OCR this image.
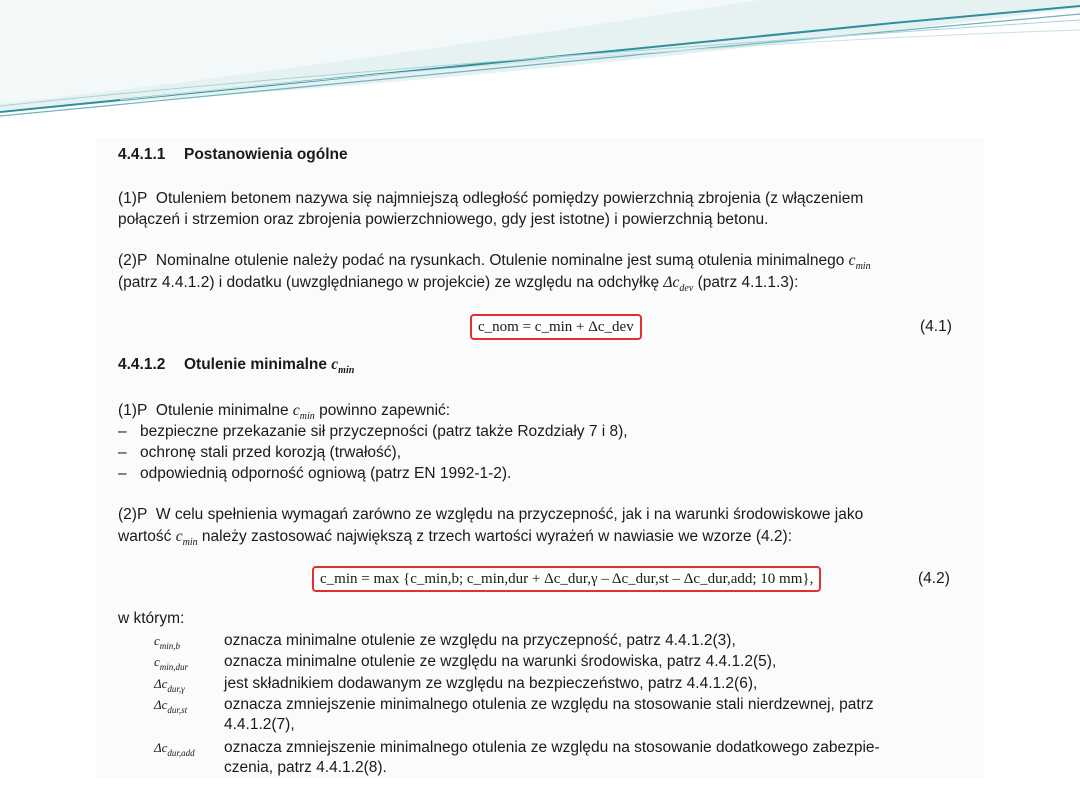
4.4.1.1 Postanowienia ogólne
(1)P Otuleniem betonem nazywa się najmniejszą odległość pomiędzy powierzchnią zbrojenia (z włączeniem
połączeń i strzemion oraz zbrojenia powierzchniowego, gdy jest istotne) i powierzchnią betonu.
(2)P Nominalne otulenie należy podać na rysunkach. Otulenie nominalne jest sumą otulenia minimalnego $c_{min}$
(patrz 4.4.1.2) i dodatku (uwzględnianego w projekcie) ze względu na odchyłkę $\Delta c_{dev}$ (patrz 4.1.1.3):
c_nom = c_min + Δc_dev	(4.1)
4.4.1.2 Otulenie minimalne $c_{min}$
(1)P Otulenie minimalne $c_{min}$ powinno zapewnić:
– bezpieczne przekazanie sił przyczepności (patrz także Rozdziały 7 i 8),
– ochronę stali przed korozją (trwałość),
– odpowiednią odporność ogniową (patrz EN 1992-1-2).
(2)P W celu spełnienia wymagań zarówno ze względu na przyczepność, jak i na warunki środowiskowe jako
wartość $c_{min}$ należy zastosować największą z trzech wartości wyrażeń w nawiasie we wzorze (4.2):
c_min = max {c_min,b; c_min,dur + Δc_dur,γ – Δc_dur,st – Δc_dur,add; 10 mm},	(4.2)
w którym:
$c_{min,b}$	oznacza minimalne otulenie ze względu na przyczepność, patrz 4.4.1.2(3),
$c_{min,dur}$ oznacza minimalne otulenie ze względu na warunki środowiska, patrz 4.4.1.2(5),
$\Delta c_{dur,\gamma}$	jest składnikiem dodawanym ze względu na bezpieczeństwo, patrz 4.4.1.2(6),
$\Delta c_{dur,st}$ oznacza zmniejszenie minimalnego otulenia ze względu na stosowanie stali nierdzewnej, patrz
4.4.1.2(7),
$\Delta c_{dur,add}$ oznacza zmniejszenie minimalnego otulenia ze względu na stosowanie dodatkowego zabezpie-
czenia, patrz 4.4.1.2(8).
